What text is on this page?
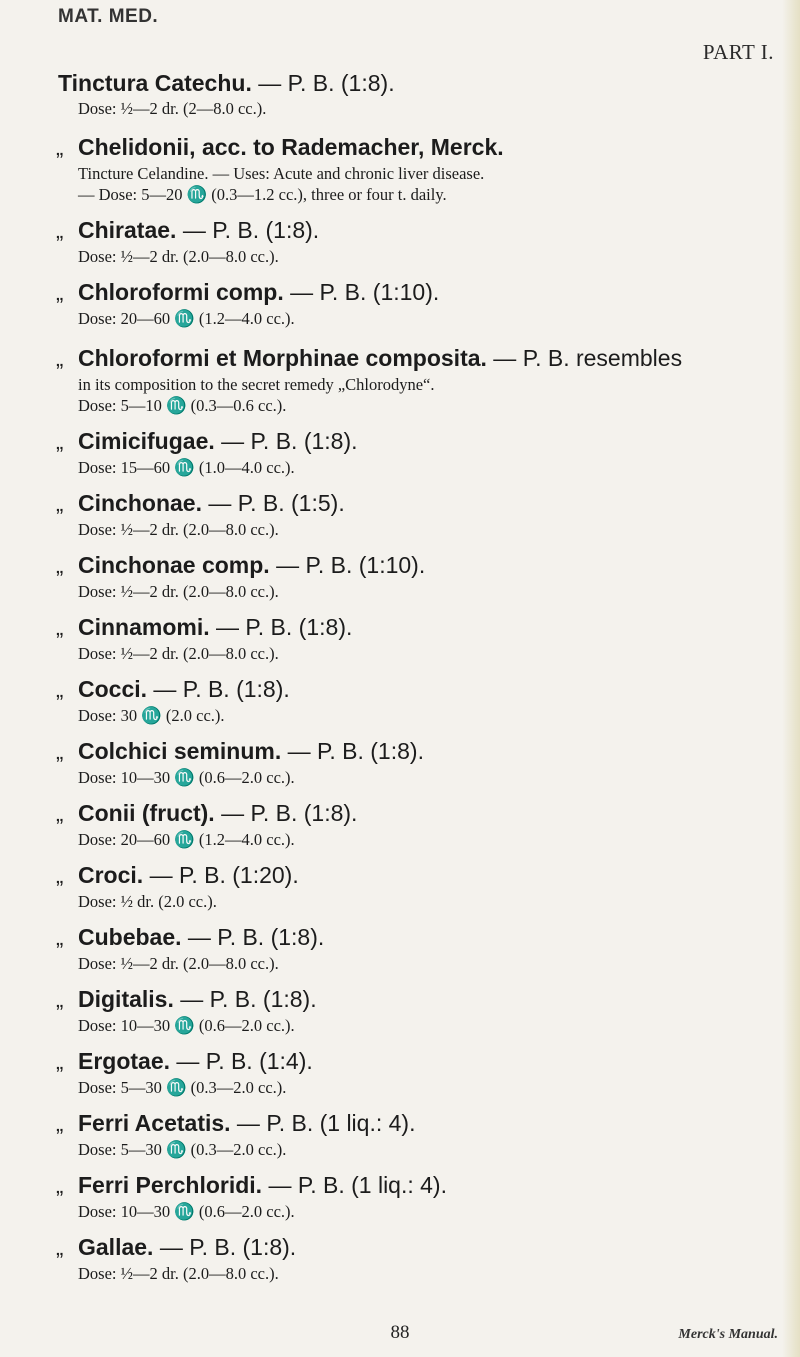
MAT. MED.
PART I.
Tinctura Catechu. — P. B. (1:8).
Dose: ½—2 dr. (2—8.0 cc.).
„ Chelidonii, acc. to Rademacher, Merck.
Tincture Celandine. — Uses: Acute and chronic liver disease.
— Dose: 5—20 ♏ (0.3—1.2 cc.), three or four t. daily.
„ Chiratae. — P. B. (1:8).
Dose: ½—2 dr. (2.0—8.0 cc.).
„ Chloroformi comp. — P. B. (1:10).
Dose: 20—60 ♏ (1.2—4.0 cc.).
„ Chloroformi et Morphinae composita. — P. B. resembles
in its composition to the secret remedy „Chlorodyne“.
Dose: 5—10 ♏ (0.3—0.6 cc.).
„ Cimicifugae. — P. B. (1:8).
Dose: 15—60 ♏ (1.0—4.0 cc.).
„ Cinchonae. — P. B. (1:5).
Dose: ½—2 dr. (2.0—8.0 cc.).
„ Cinchonae comp. — P. B. (1:10).
Dose: ½—2 dr. (2.0—8.0 cc.).
„ Cinnamomi. — P. B. (1:8).
Dose: ½—2 dr. (2.0—8.0 cc.).
„ Cocci. — P. B. (1:8).
Dose: 30 ♏ (2.0 cc.).
„ Colchici seminum. — P. B. (1:8).
Dose: 10—30 ♏ (0.6—2.0 cc.).
„ Conii (fruct). — P. B. (1:8).
Dose: 20—60 ♏ (1.2—4.0 cc.).
„ Croci. — P. B. (1:20).
Dose: ½ dr. (2.0 cc.).
„ Cubebae. — P. B. (1:8).
Dose: ½—2 dr. (2.0—8.0 cc.).
„ Digitalis. — P. B. (1:8).
Dose: 10—30 ♏ (0.6—2.0 cc.).
„ Ergotae. — P. B. (1:4).
Dose: 5—30 ♏ (0.3—2.0 cc.).
„ Ferri Acetatis. — P. B. (1 liq.: 4).
Dose: 5—30 ♏ (0.3—2.0 cc.).
„ Ferri Perchloridi. — P. B. (1 liq.: 4).
Dose: 10—30 ♏ (0.6—2.0 cc.).
„ Gallae. — P. B. (1:8).
Dose: ½—2 dr. (2.0—8.0 cc.).
88	Merck's Manual.
